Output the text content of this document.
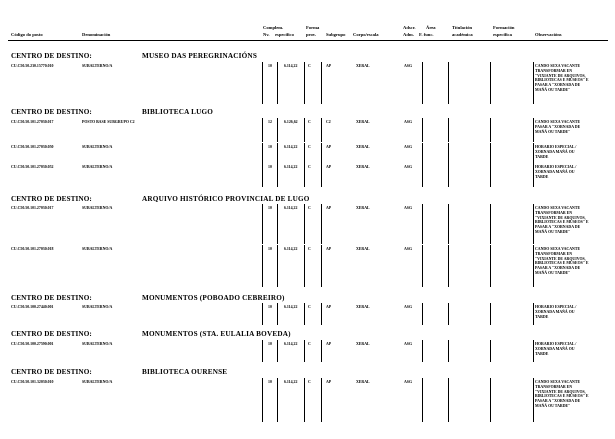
Complem.	Forma	Adscr. Área	Titulación	Formación
Código do posto	Denominación	Nv. específico	prov. Subgrupo Corpo/escala	Adm. F. func.	académica	específica	Observacións
CENTRO DE DESTINO:	MUSEO DAS PEREGRINACIÓNS
CU.C50.50.230.15770.010	SUBALTERNO/A	10	6.114,22	C	AP	XERAL	ASG	CANDO SEXA VACANTE
TRANSFORMAR EN
"VIXIANTE DE ARQUIVOS,
BIBLIOTECAS E MUSEOS" E
PASAR A "XORNADA DE
MAÑÁ OU TARDE"
CENTRO DE DESTINO:	BIBLIOTECA LUGO
CU.C50.50.101.27030.017	POSTO BASE SUBGRUPO C2	12	6.126,62	C	C2	XERAL	ASG	CANDO SEXA VACANTE
PASAR A "XORNADA DE
MAÑÁ OU TARDE"
CU.C50.50.101.27030.050	SUBALTERNO/A	10	6.114,22	C	AP	XERAL	ASG	HORARIO ESPECIAL /
XORNADA MAÑÁ OU
TARDE
CU.C50.50.101.27030.052	SUBALTERNO/A	10	6.114,22	C	AP	XERAL	ASG	HORARIO ESPECIAL /
XORNADA MAÑÁ OU
TARDE
CENTRO DE DESTINO:	ARQUIVO HISTÓRICO PROVINCIAL DE LUGO
CU.C50.50.101.27030.017	SUBALTERNO/A	10	6.114,22	C	AP	XERAL	ASG	CANDO SEXA VACANTE
TRANSFORMAR EN
"VIXIANTE DE ARQUIVOS,
BIBLIOTECAS E MUSEOS" E
PASAR A "XORNADA DE
MAÑÁ OU TARDE"
CU.C50.50.101.27030.018	SUBALTERNO/A	10	6.114,22	C	AP	XERAL	ASG	CANDO SEXA VACANTE
TRANSFORMAR EN
"VIXIANTE DE ARQUIVOS,
BIBLIOTECAS E MUSEOS" E
PASAR A "XORNADA DE
MAÑÁ OU TARDE"
CENTRO DE DESTINO:	MONUMENTOS (POBOADO CEBREIRO)
CU.C50.50.100.27440.001	SUBALTERNO/A	10	6.114,22	C	AP	XERAL	ASG	HORARIO ESPECIAL /
XORNADA MAÑÁ OU
TARDE
CENTRO DE DESTINO:	MONUMENTOS (STA. EULALIA BOVEDA)
CU.C50.50.100.27590.001	SUBALTERNO/A	10	6.114,22	C	AP	XERAL	ASG	HORARIO ESPECIAL /
XORNADA MAÑÁ OU
TARDE
CENTRO DE DESTINO:	BIBLIOTECA OURENSE
CU.C50.50.101.32030.010	SUBALTERNO/A	10	6.114,22	C	AP	XERAL	ASG	CANDO SEXA VACANTE
TRANSFORMAR EN
"VIXIANTE DE ARQUIVOS,
BIBLIOTECAS E MUSEOS" E
PASAR A "XORNADA DE
MAÑÁ OU TARDE"
